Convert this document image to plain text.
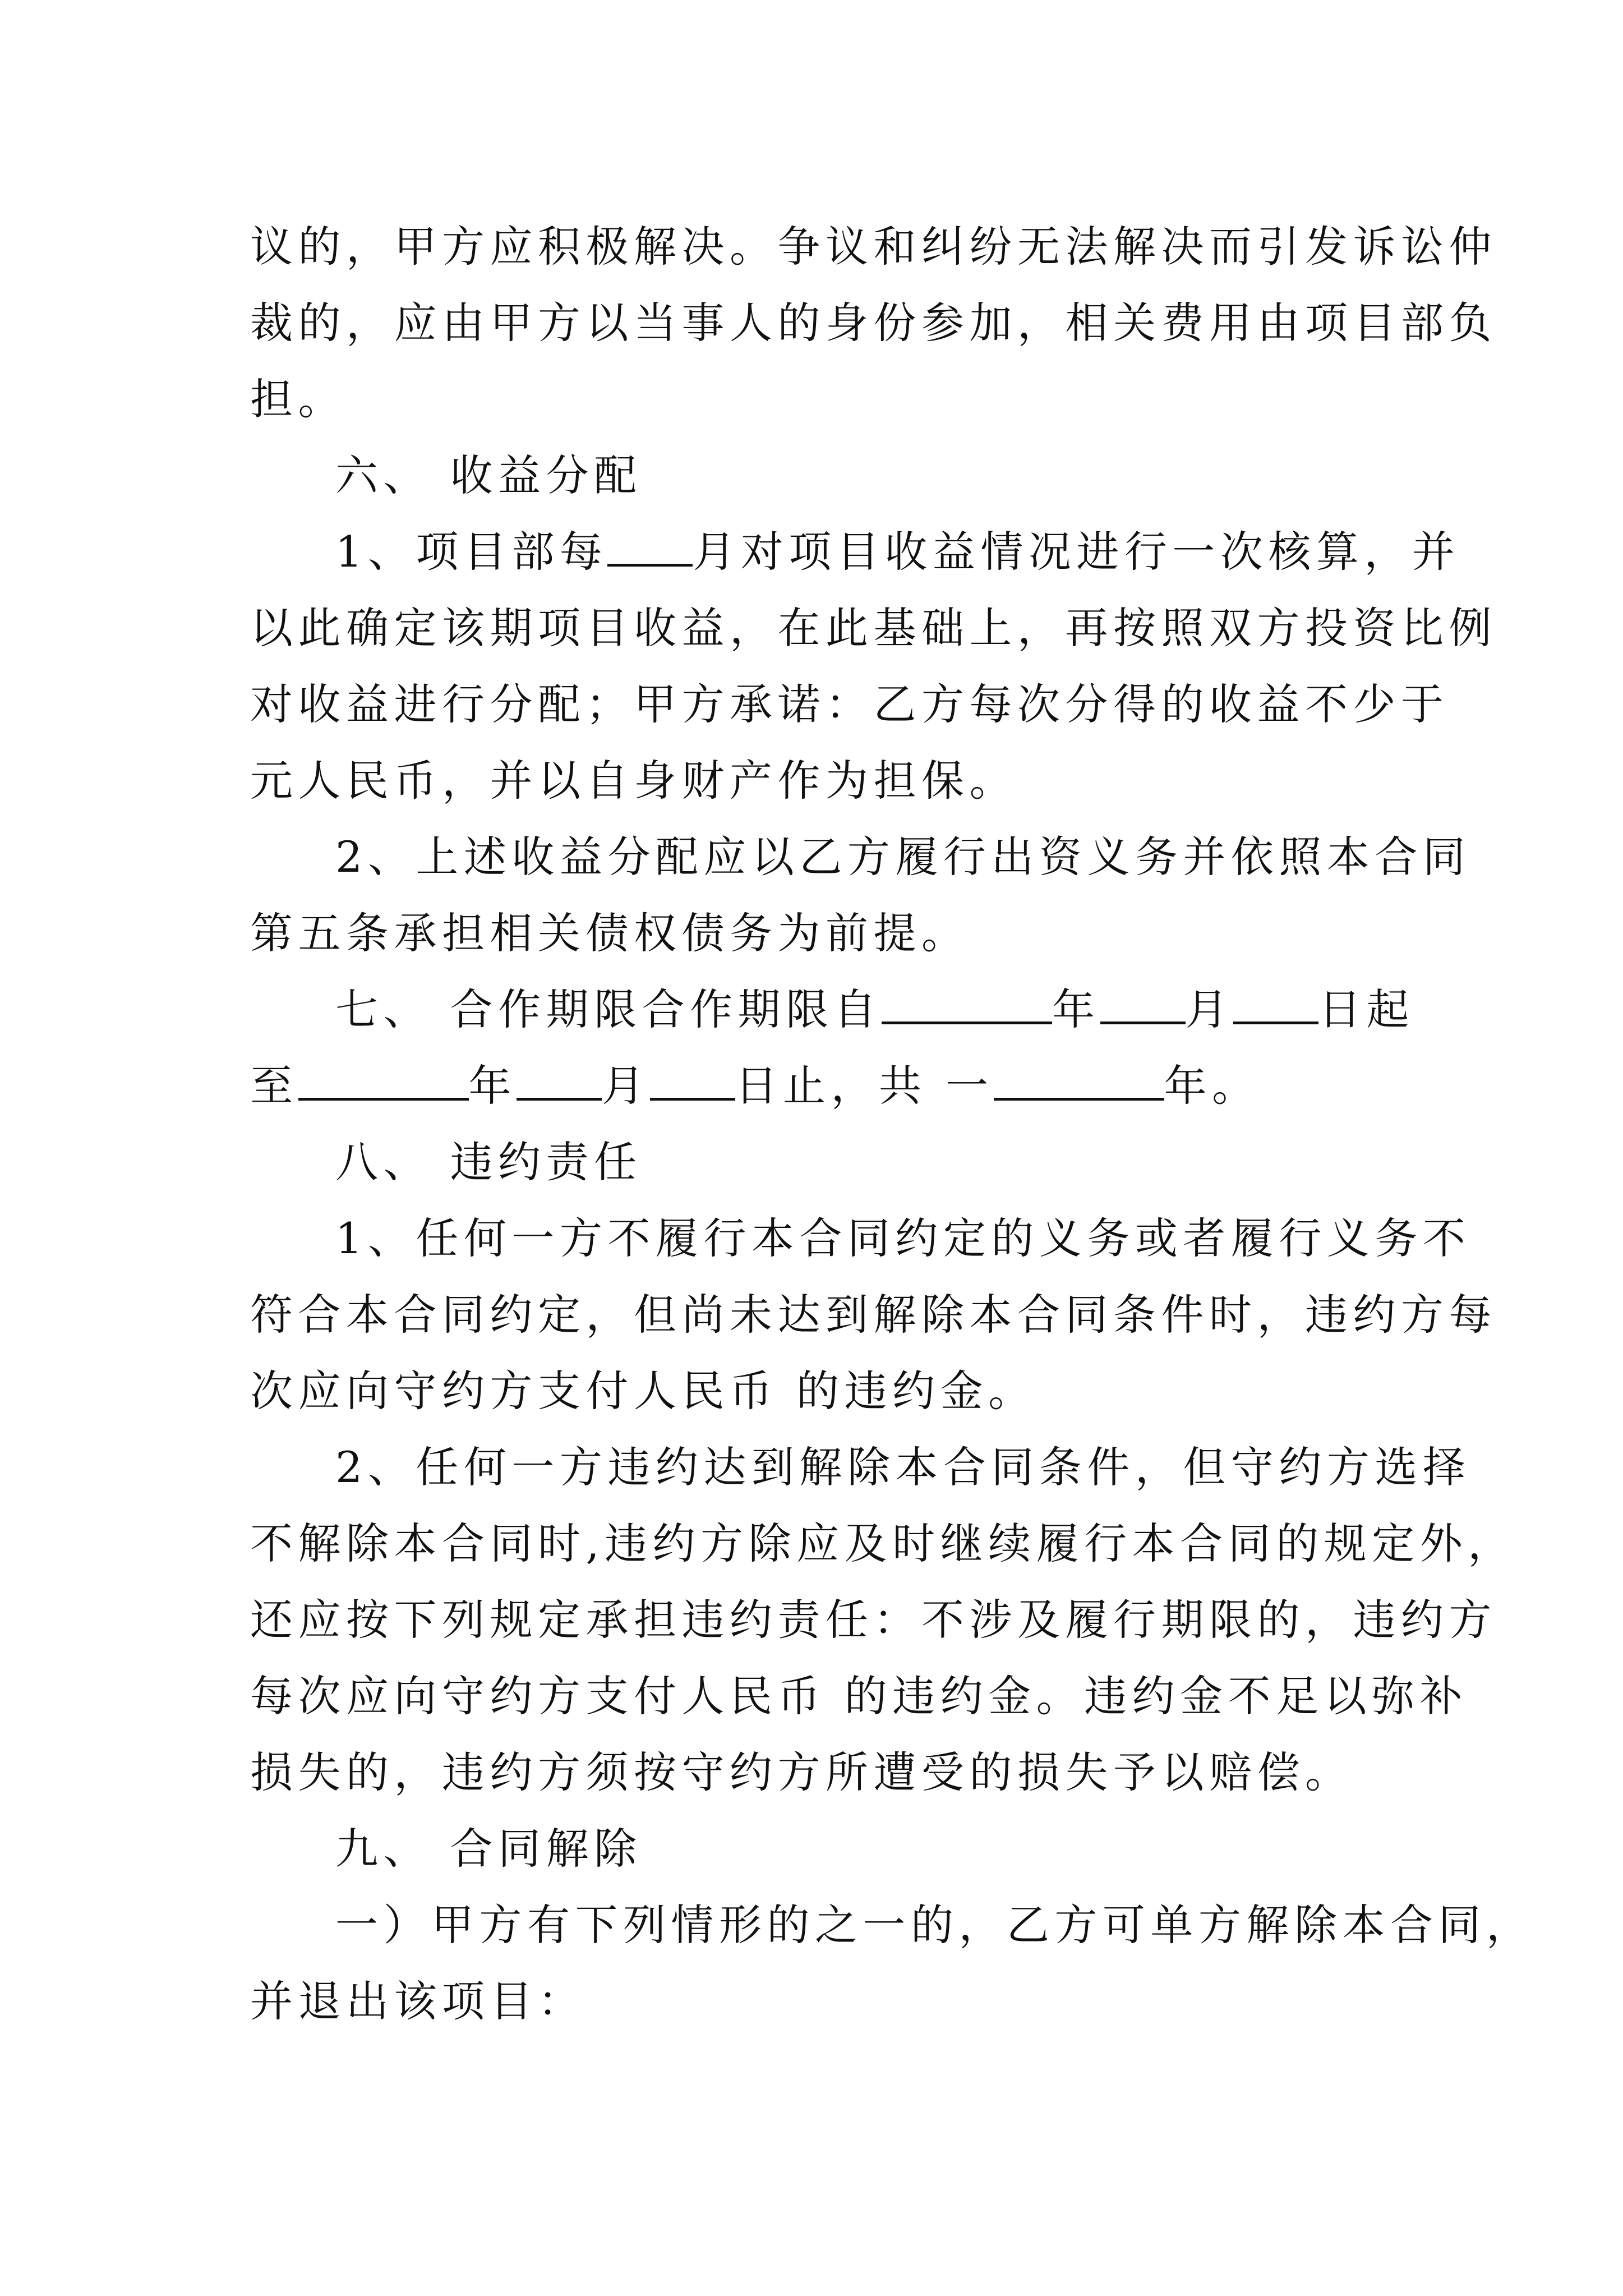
议的，甲方应积极解决。争议和纠纷无法解决而引发诉讼仲
裁的，应由甲方以当事人的身份参加，相关费用由项目部负
担。
六、 收益分配
1、项目部每 月对项目收益情况进行一次核算，并
以此确定该期项目收益，在此基础上，再按照双方投资比例
对收益进行分配；甲方承诺：乙方每次分得的收益不少于
元人民币，并以自身财产作为担保。
2、上述收益分配应以乙方履行出资义务并依照本合同
第五条承担相关债权债务为前提。
七、 合作期限合作期限自	年 月 日起
至	年 月 日止，共 一	年。
八、 违约责任
1、任何一方不履行本合同约定的义务或者履行义务不
符合本合同约定，但尚未达到解除本合同条件时，违约方每
次应向守约方支付人民币 的违约金。
2、任何一方违约达到解除本合同条件，但守约方选择
不解除本合同时,违约方除应及时继续履行本合同的规定外，
还应按下列规定承担违约责任：不涉及履行期限的，违约方
每次应向守约方支付人民币 的违约金。违约金不足以弥补
损失的，违约方须按守约方所遭受的损失予以赔偿。
九、 合同解除
一）甲方有下列情形的之一的，乙方可单方解除本合同，
并退出该项目：
